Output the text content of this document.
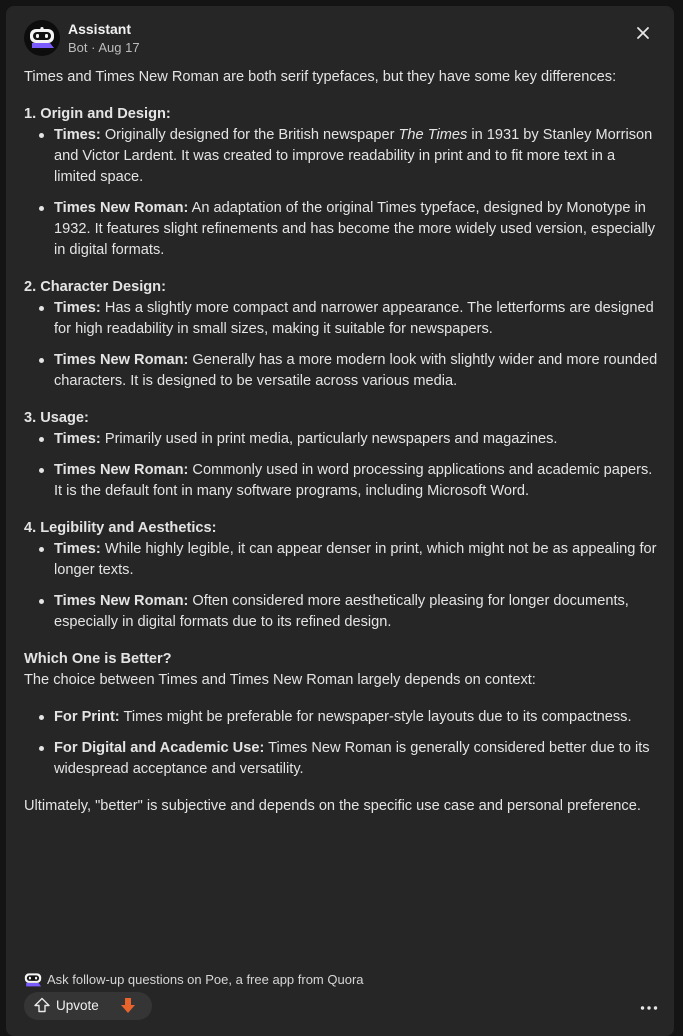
Assistant
Bot · Aug 17

Times and Times New Roman are both serif typefaces, but they have some key differences:

1. Origin and Design:

Times: Originally designed for the British newspaper The Times in 1931 by Stanley Morrison and Victor Lardent. It was created to improve readability in print and to fit more text in a limited space.
Times New Roman: An adaptation of the original Times typeface, designed by Monotype in 1932. It features slight refinements and has become the more widely used version, especially in digital formats.

2. Character Design:

Times: Has a slightly more compact and narrower appearance. The letterforms are designed for high readability in small sizes, making it suitable for newspapers.
Times New Roman: Generally has a more modern look with slightly wider and more rounded characters. It is designed to be versatile across various media.

3. Usage:

Times: Primarily used in print media, particularly newspapers and magazines.
Times New Roman: Commonly used in word processing applications and academic papers. It is the default font in many software programs, including Microsoft Word.

4. Legibility and Aesthetics:

Times: While highly legible, it can appear denser in print, which might not be as appealing for longer texts.
Times New Roman: Often considered more aesthetically pleasing for longer documents, especially in digital formats due to its refined design.

Which One is Better?

The choice between Times and Times New Roman largely depends on context:

For Print: Times might be preferable for newspaper-style layouts due to its compactness.
For Digital and Academic Use: Times New Roman is generally considered better due to its widespread acceptance and versatility.

Ultimately, "better" is subjective and depends on the specific use case and personal preference.

Ask follow-up questions on Poe, a free app from Quora
Upvote
